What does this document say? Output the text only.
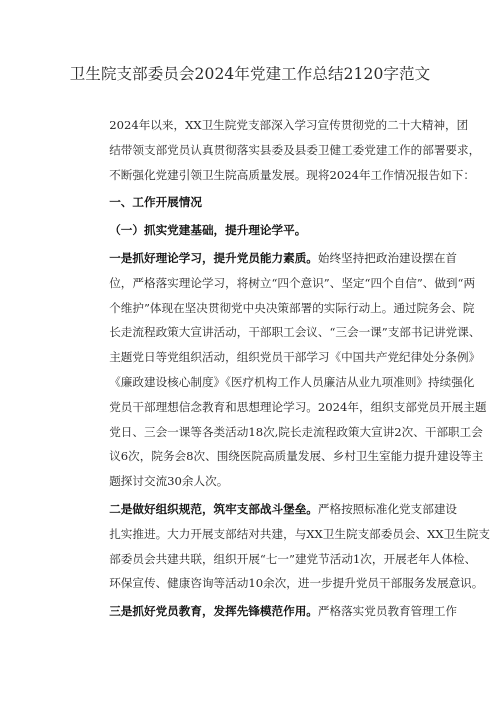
卫生院支部委员会2024年党建工作总结2120字范文

2024年以来，XX卫生院党支部深入学习宣传贯彻党的二十大精神，团
结带领支部党员认真贯彻落实县委及县委卫健工委党建工作的部署要求，
不断强化党建引领卫生院高质量发展。现将2024年工作情况报告如下：

一、工作开展情况

（一）抓实党建基础，提升理论学平。

一是抓好理论学习，提升党员能力素质。始终坚持把政治建设摆在首
位，严格落实理论学习，将树立“四个意识”、坚定“四个自信”、做到“两
个维护”体现在坚决贯彻党中央决策部署的实际行动上。通过院务会、院
长走流程政策大宣讲活动，干部职工会议、“三会一课”支部书记讲党课、
主题党日等党组织活动，组织党员干部学习《中国共产党纪律处分条例》
《廉政建设核心制度》《医疗机构工作人员廉洁从业九项准则》持续强化
党员干部理想信念教育和思想理论学习。2024年，组织支部党员开展主题
党日、三会一课等各类活动18次,院长走流程政策大宣讲2次、干部职工会
议6次，院务会8次、围绕医院高质量发展、乡村卫生室能力提升建设等主
题探讨交流30余人次。

二是做好组织规范，筑牢支部战斗堡垒。严格按照标准化党支部建设
扎实推进。大力开展支部结对共建，与XX卫生院支部委员会、XX卫生院支
部委员会共建共联，组织开展“七一”建党节活动1次，开展老年人体检、
环保宣传、健康咨询等活动10余次，进一步提升党员干部服务发展意识。

三是抓好党员教育，发挥先锋模范作用。严格落实党员教育管理工作
